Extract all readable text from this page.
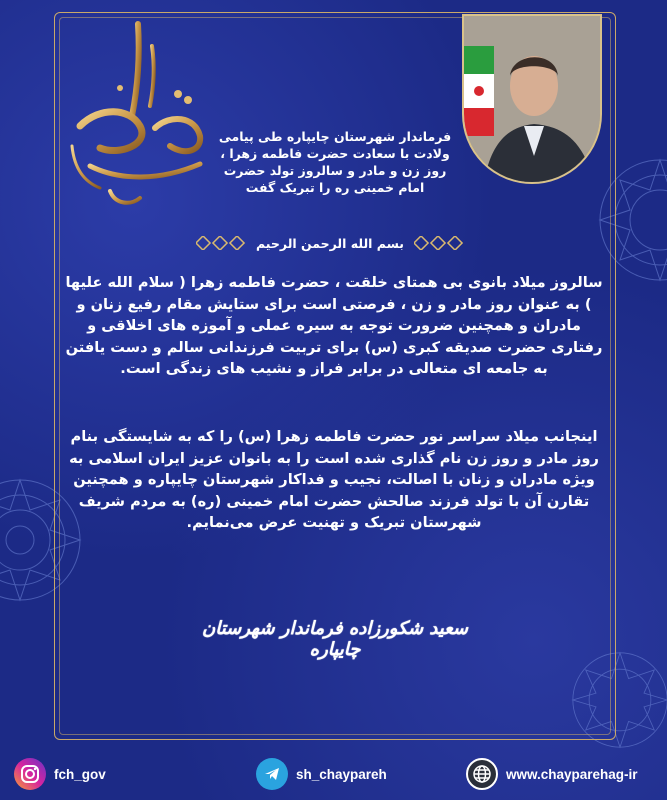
فرماندار شهرستان چایپاره طی پیامی ولادت با سعادت حضرت فاطمه زهرا ، روز زن و مادر و سالروز تولد حضرت امام خمینی ره را تبریک گفت
بسم الله الرحمن الرحیم
سالروز میلاد بانوی بی همتای خلقت ، حضرت فاطمه زهرا ( سلام الله علیها ) به عنوان روز مادر و زن ، فرصتی است برای ستایش مقام رفیع زنان و مادران و همچنین ضرورت توجه به سیره عملی و آموزه های اخلاقی و رفتاری حضرت صدیقه کبری (س) برای تربیت فرزندانی سالم و دست یافتن به جامعه ای متعالی در برابر فراز و نشیب های زندگی است.
اینجانب میلاد سراسر نور حضرت فاطمه زهرا (س) را که به شایستگی بنام روز مادر و روز زن نام گذاری شده است را به بانوان عزیز ایران اسلامی به ویژه مادران و زنان با اصالت، نجیب و فداکار شهرستان چایپاره و همچنین تقارن آن با تولد فرزند صالحش حضرت امام خمینی (ره) به مردم شریف شهرستان تبریک و تهنیت عرض می‌نمایم.
سعید شکورزاده فرماندار شهرستان چایپاره
fch_gov	sh_chaypareh	www.chayparehag-ir
